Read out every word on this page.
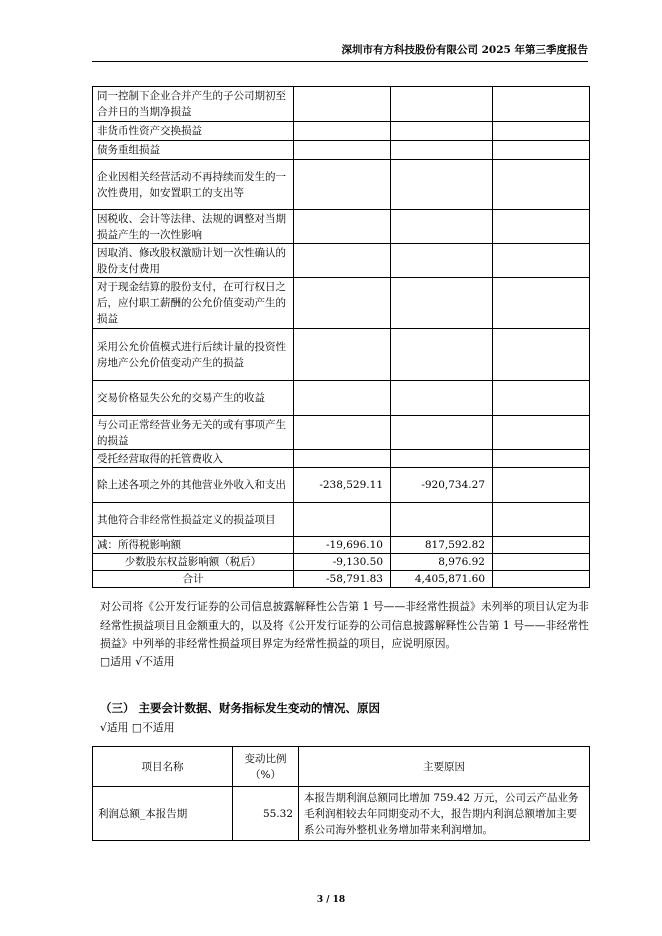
深圳市有方科技股份有限公司 2025 年第三季度报告
同一控制下企业合并产生的子公司期初至合并日的当期净损益			
非货币性资产交换损益			
债务重组损益			
企业因相关经营活动不再持续而发生的一次性费用，如安置职工的支出等			
因税收、会计等法律、法规的调整对当期损益产生的一次性影响			
因取消、修改股权激励计划一次性确认的股份支付费用			
对于现金结算的股份支付，在可行权日之后，应付职工薪酬的公允价值变动产生的损益			
采用公允价值模式进行后续计量的投资性房地产公允价值变动产生的损益			
交易价格显失公允的交易产生的收益			
与公司正常经营业务无关的或有事项产生的损益			
受托经营取得的托管费收入			
除上述各项之外的其他营业外收入和支出	-238,529.11	-920,734.27	
其他符合非经常性损益定义的损益项目			
减：所得税影响额	-19,696.10	817,592.82	
少数股东权益影响额（税后）	-9,130.50	8,976.92	
合计	-58,791.83	4,405,871.60	
对公司将《公开发行证券的公司信息披露解释性公告第 1 号——非经常性损益》未列举的项目认定为非经常性损益项目且金额重大的，以及将《公开发行证券的公司信息披露解释性公告第 1 号——非经常性损益》中列举的非经常性损益项目界定为经常性损益的项目，应说明原因。
□适用 √不适用
（三） 主要会计数据、财务指标发生变动的情况、原因
√适用 □不适用
项目名称	变动比例（%）	主要原因
利润总额_本报告期	55.32	本报告期利润总额同比增加 759.42 万元，公司云产品业务毛利润相较去年同期变动不大，报告期内利润总额增加主要系公司海外整机业务增加带来利润增加。
3 / 18
